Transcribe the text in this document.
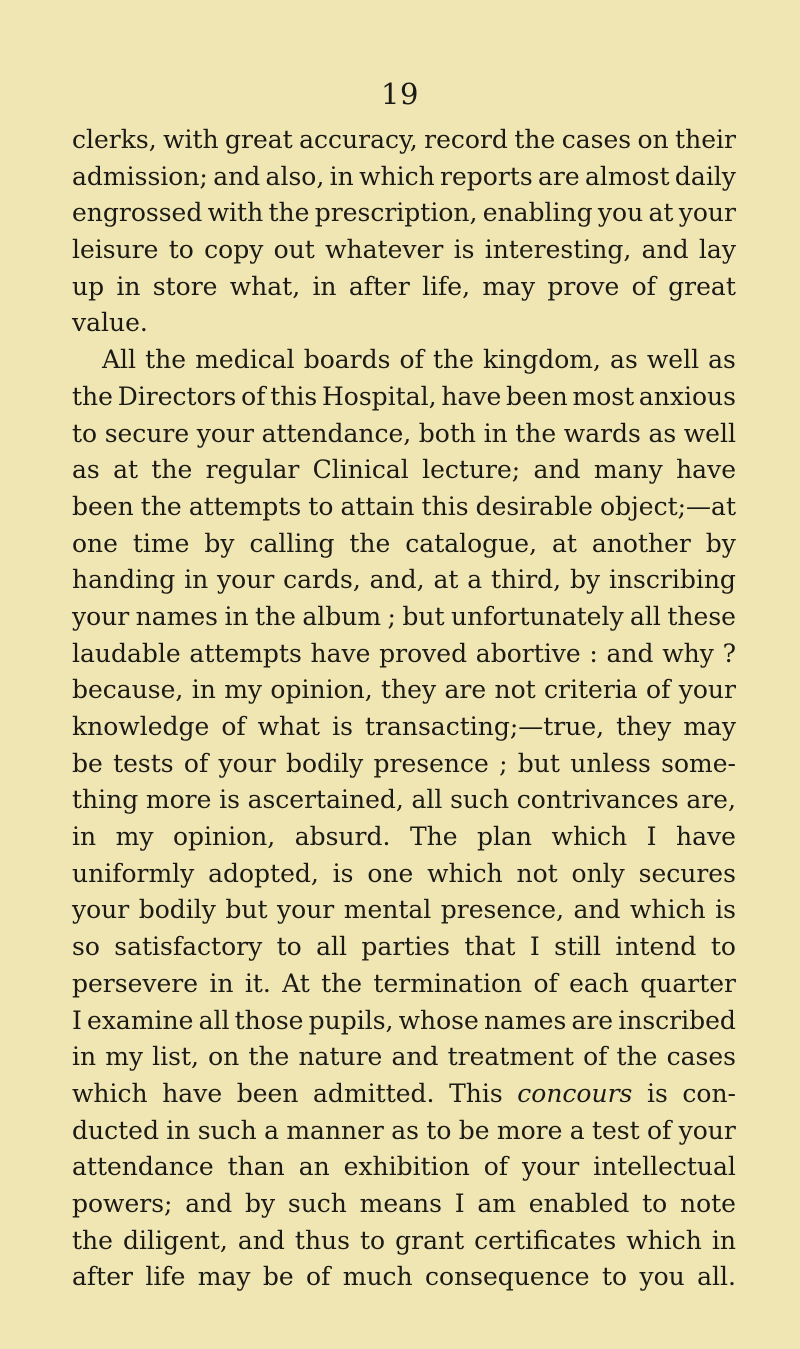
19
clerks, with great accuracy, record the cases on their
admission; and also, in which reports are almost daily
engrossed with the prescription, enabling you at your
leisure to copy out whatever is interesting, and lay
up in store what, in after life, may prove of great
value.
All the medical boards of the kingdom, as well as
the Directors of this Hospital, have been most anxious
to secure your attendance, both in the wards as well
as at the regular Clinical lecture; and many have
been the attempts to attain this desirable object;—at
one time by calling the catalogue, at another by
handing in your cards, and, at a third, by inscribing
your names in the album ; but unfortunately all these
laudable attempts have proved abortive : and why ?
because, in my opinion, they are not criteria of your
knowledge of what is transacting;—true, they may
be tests of your bodily presence ; but unless some-
thing more is ascertained, all such contrivances are,
in my opinion, absurd. The plan which I have
uniformly adopted, is one which not only secures
your bodily but your mental presence, and which is
so satisfactory to all parties that I still intend to
persevere in it. At the termination of each quarter
I examine all those pupils, whose names are inscribed
in my list, on the nature and treatment of the cases
which have been admitted. This concours is con-
ducted in such a manner as to be more a test of your
attendance than an exhibition of your intellectual
powers; and by such means I am enabled to note
the diligent, and thus to grant certificates which in
after life may be of much consequence to you all.
